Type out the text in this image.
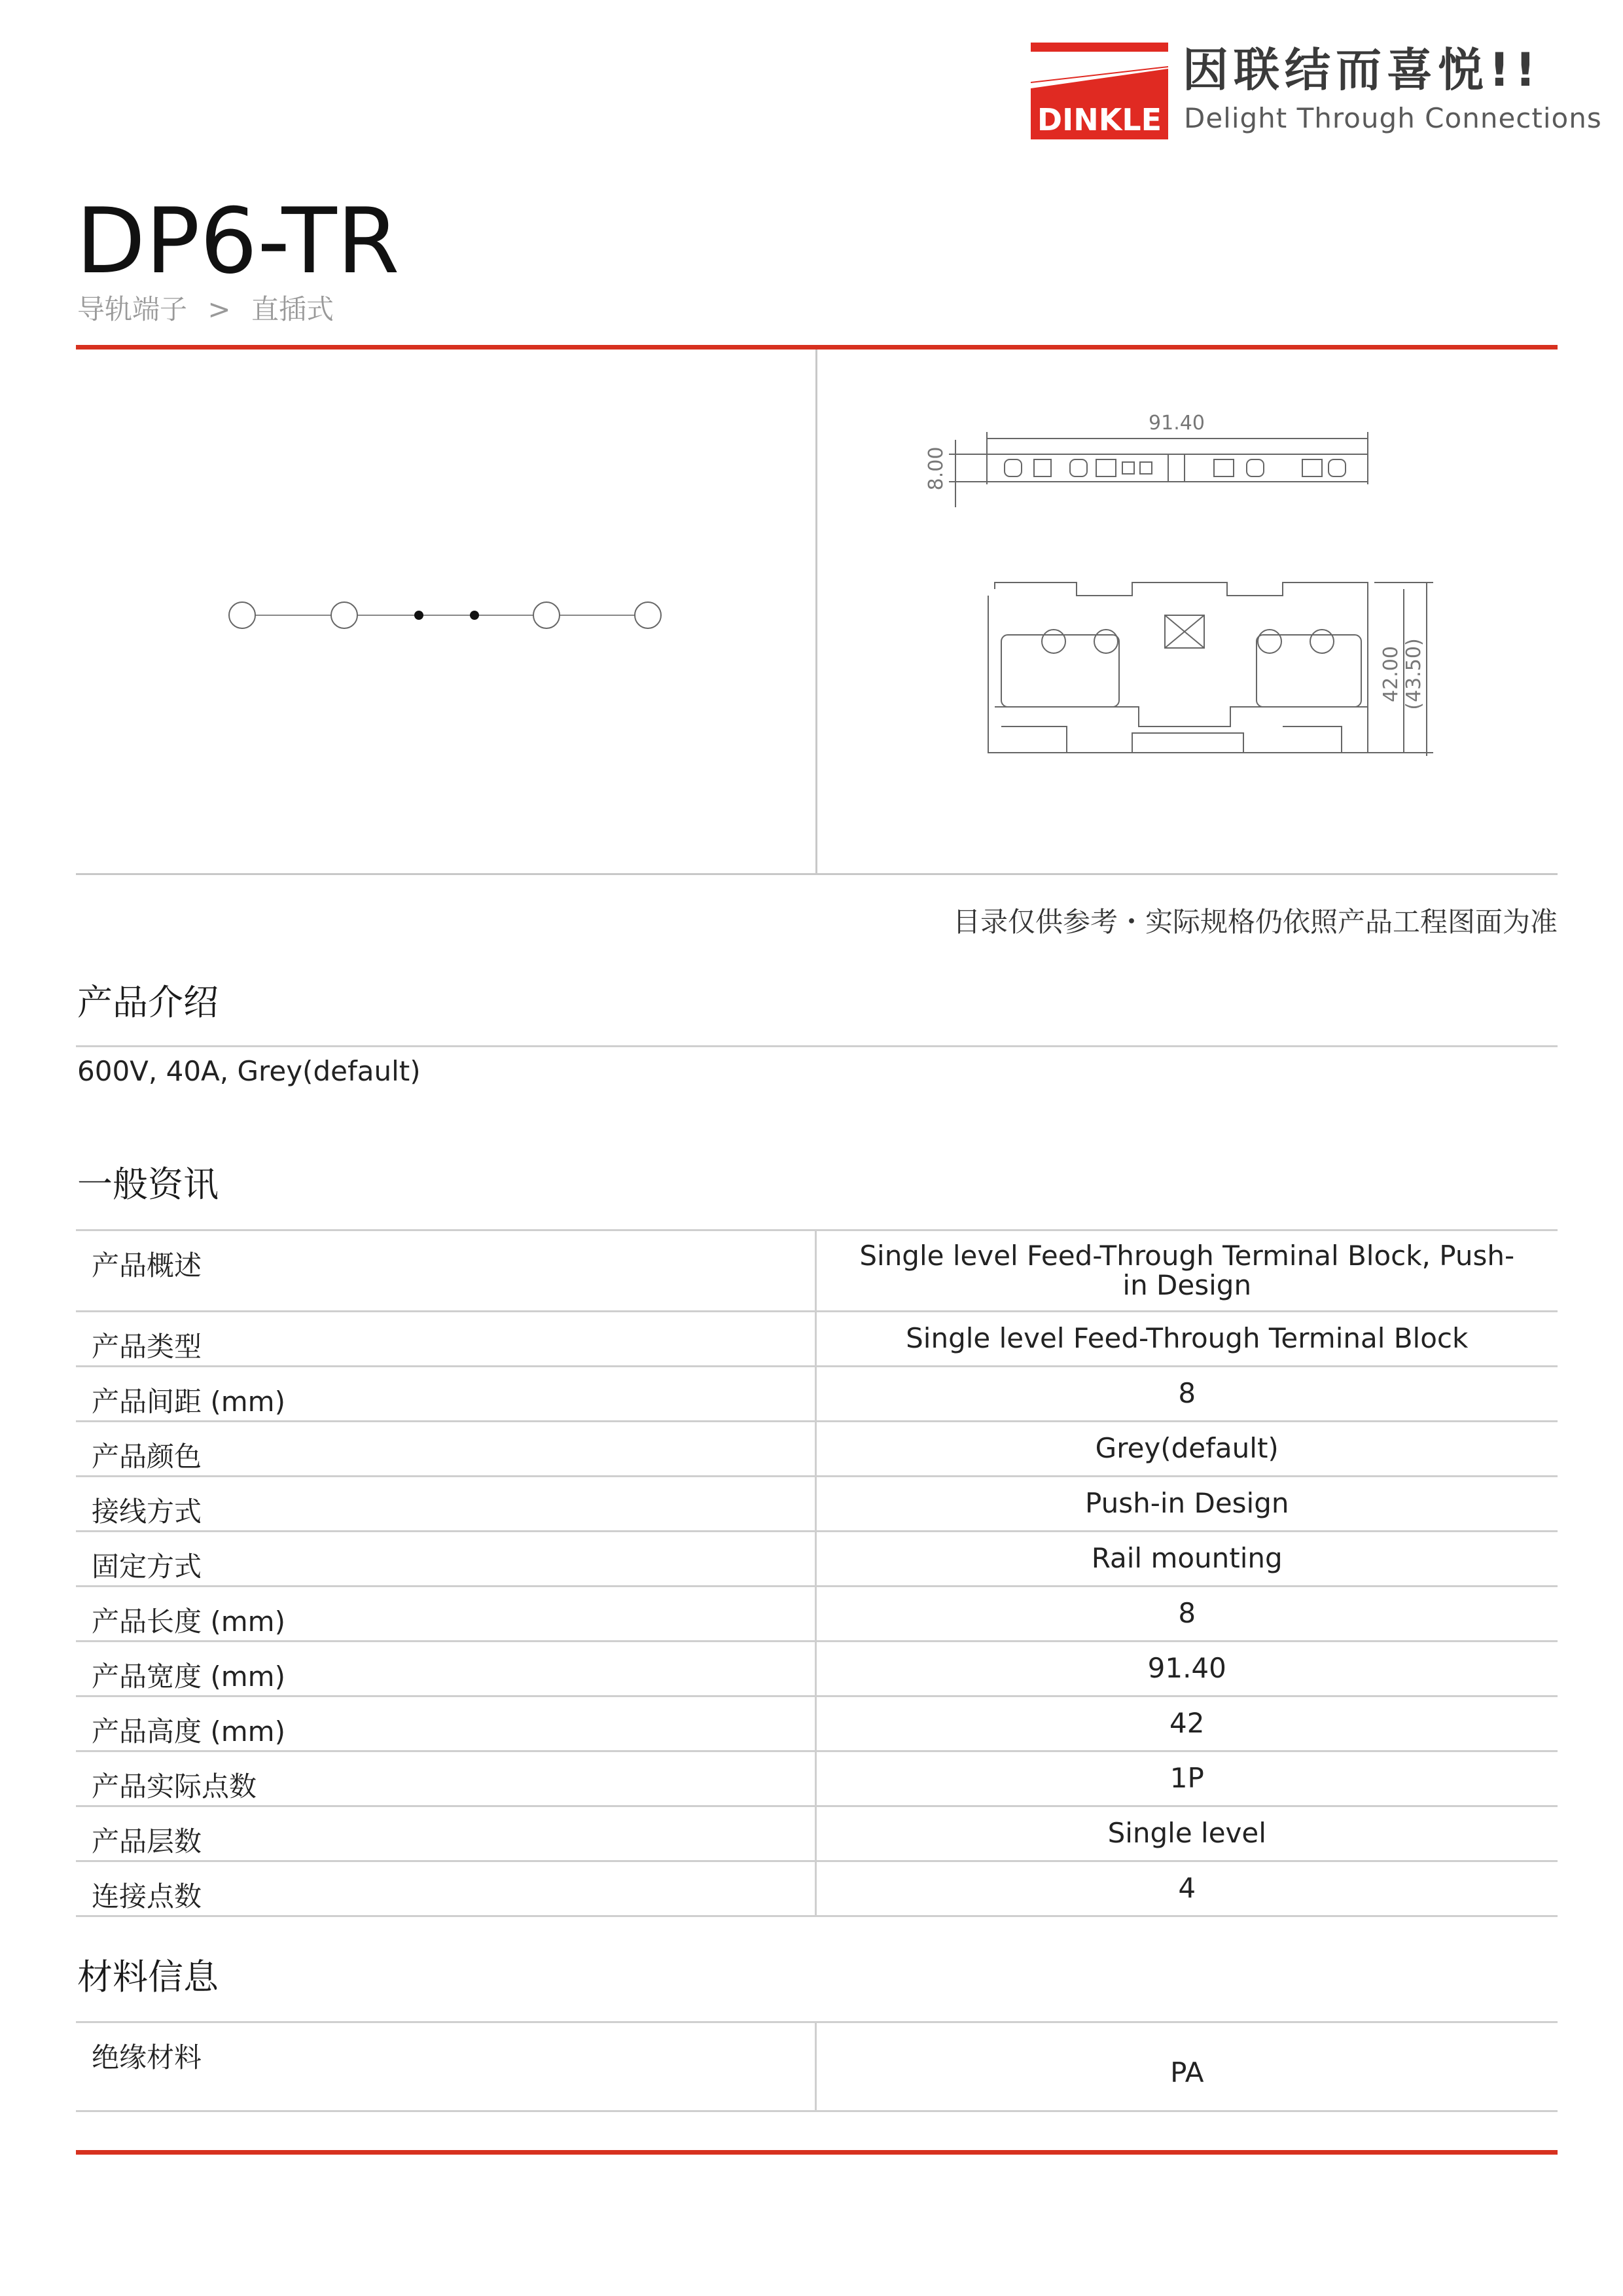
DINKLE
因联结而喜悦!!
Delight Through Connections
DP6-TR
导轨端子 > 直插式
91.40
8.00
42.00 (43.50)
目录仅供参考・实际规格仍依照产品工程图面为准
产品介绍
600V, 40A, Grey(default)
一般资讯
产品概述	Single level Feed-Through Terminal Block, Push-in Design
产品类型	Single level Feed-Through Terminal Block
产品间距 (mm)	8
产品颜色	Grey(default)
接线方式	Push-in Design
固定方式	Rail mounting
产品长度 (mm)	8
产品宽度 (mm)	91.40
产品高度 (mm)	42
产品实际点数	1P
产品层数	Single level
连接点数	4
材料信息
绝缘材料	PA
